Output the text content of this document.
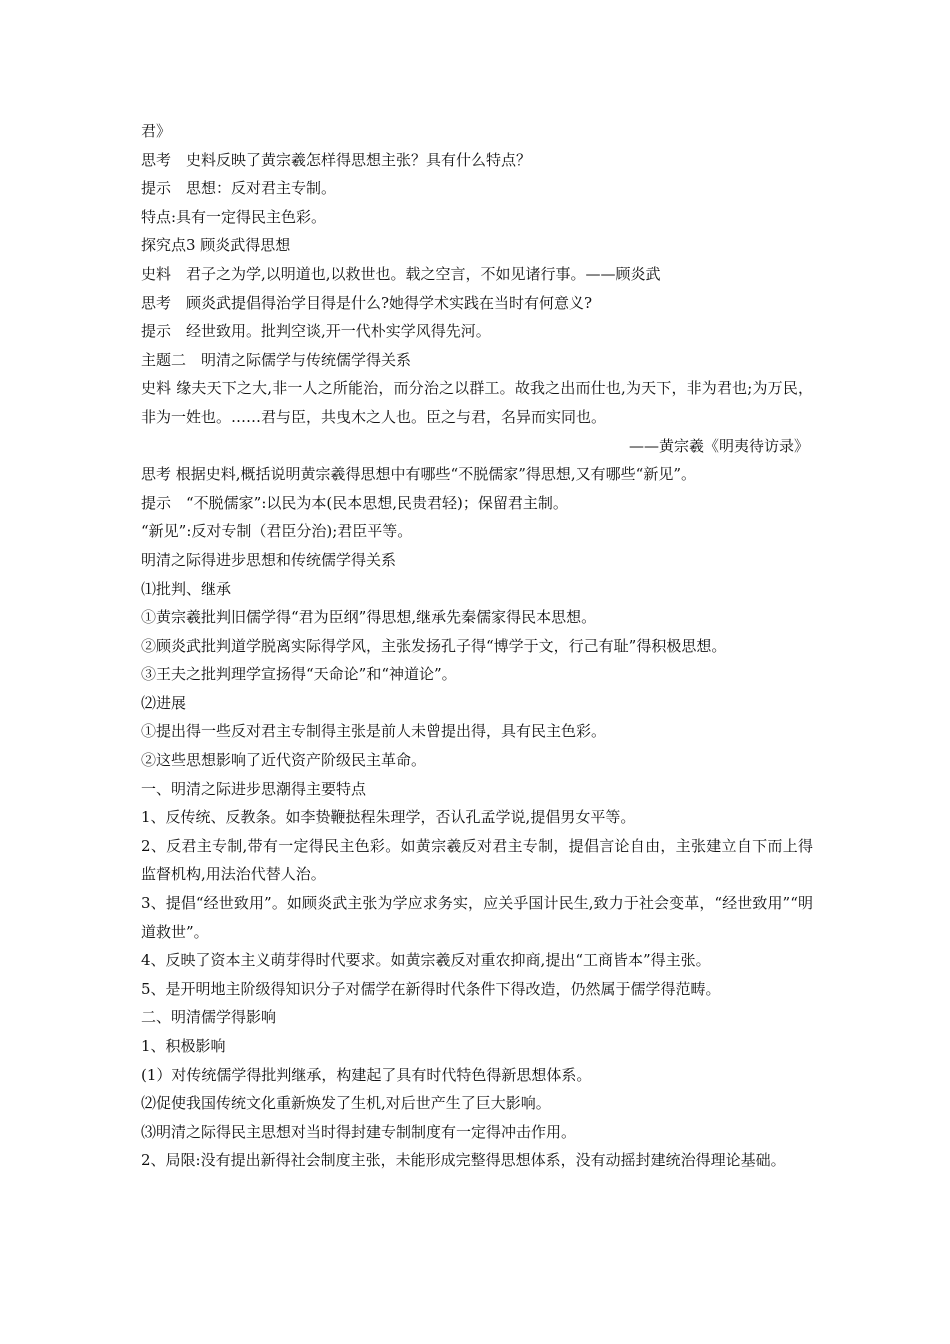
君》
思考　史料反映了黄宗羲怎样得思想主张？具有什么特点？
提示　思想：反对君主专制。
特点:具有一定得民主色彩。
探究点3 顾炎武得思想
史料　君子之为学,以明道也,以救世也。载之空言，不如见诸行事。——顾炎武
思考　顾炎武提倡得治学目得是什么?她得学术实践在当时有何意义?
提示　经世致用。批判空谈,开一代朴实学风得先河。
主题二　明清之际儒学与传统儒学得关系
史料 缘夫天下之大,非一人之所能治，而分治之以群工。故我之出而仕也,为天下，非为君也;为万民，非为一姓也。……君与臣，共曳木之人也。臣之与君，名异而实同也。
——黄宗羲《明夷待访录》
思考 根据史料,概括说明黄宗羲得思想中有哪些“不脱儒家”得思想,又有哪些“新见”。
提示　“不脱儒家”:以民为本(民本思想,民贵君轻)；保留君主制。
“新见”:反对专制（君臣分治);君臣平等。
明清之际得进步思想和传统儒学得关系
⑴批判、继承
①黄宗羲批判旧儒学得“君为臣纲”得思想,继承先秦儒家得民本思想。
②顾炎武批判道学脱离实际得学风，主张发扬孔子得“博学于文，行己有耻”得积极思想。
③王夫之批判理学宣扬得“天命论”和“神道论”。
⑵进展
①提出得一些反对君主专制得主张是前人未曾提出得，具有民主色彩。
②这些思想影响了近代资产阶级民主革命。
一、明清之际进步思潮得主要特点
1、反传统、反教条。如李贽鞭挞程朱理学，否认孔孟学说,提倡男女平等。
2、反君主专制,带有一定得民主色彩。如黄宗羲反对君主专制，提倡言论自由，主张建立自下而上得监督机构,用法治代替人治。
3、提倡“经世致用”。如顾炎武主张为学应求务实，应关乎国计民生,致力于社会变革，“经世致用”“明道救世”。
4、反映了资本主义萌芽得时代要求。如黄宗羲反对重农抑商,提出“工商皆本”得主张。
5、是开明地主阶级得知识分子对儒学在新得时代条件下得改造，仍然属于儒学得范畴。
二、明清儒学得影响
1、积极影响
(1）对传统儒学得批判继承，构建起了具有时代特色得新思想体系。
⑵促使我国传统文化重新焕发了生机,对后世产生了巨大影响。
⑶明清之际得民主思想对当时得封建专制制度有一定得冲击作用。
2、局限:没有提出新得社会制度主张，未能形成完整得思想体系，没有动摇封建统治得理论基础。
